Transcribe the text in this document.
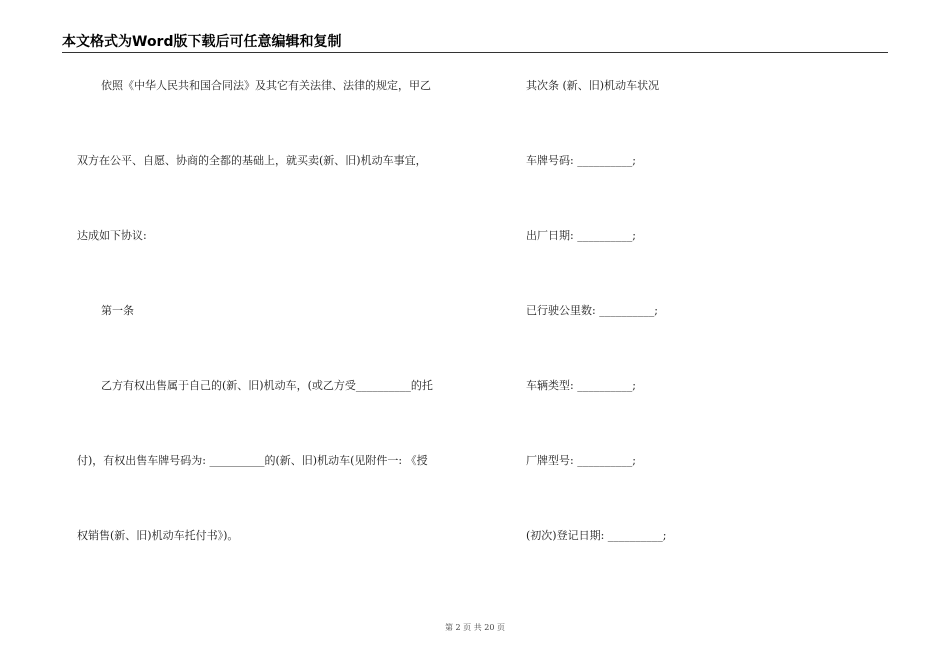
本文格式为Word版下载后可任意编辑和复制
依照《中华人民共和国合同法》及其它有关法律、法律的规定，甲乙
双方在公平、自愿、协商的全都的基础上，就买卖(新、旧)机动车事宜，
达成如下协议:
第一条
乙方有权出售属于自己的(新、旧)机动车，(或乙方受__________的托
付)，有权出售车牌号码为: __________的(新、旧)机动车(见附件一: 《授
权销售(新、旧)机动车托付书》)。
其次条 (新、旧)机动车状况
车牌号码: __________;
出厂日期: __________;
已行驶公里数: __________;
车辆类型: __________;
厂牌型号: __________;
(初次)登记日期: __________;
第 2 页 共 20 页
